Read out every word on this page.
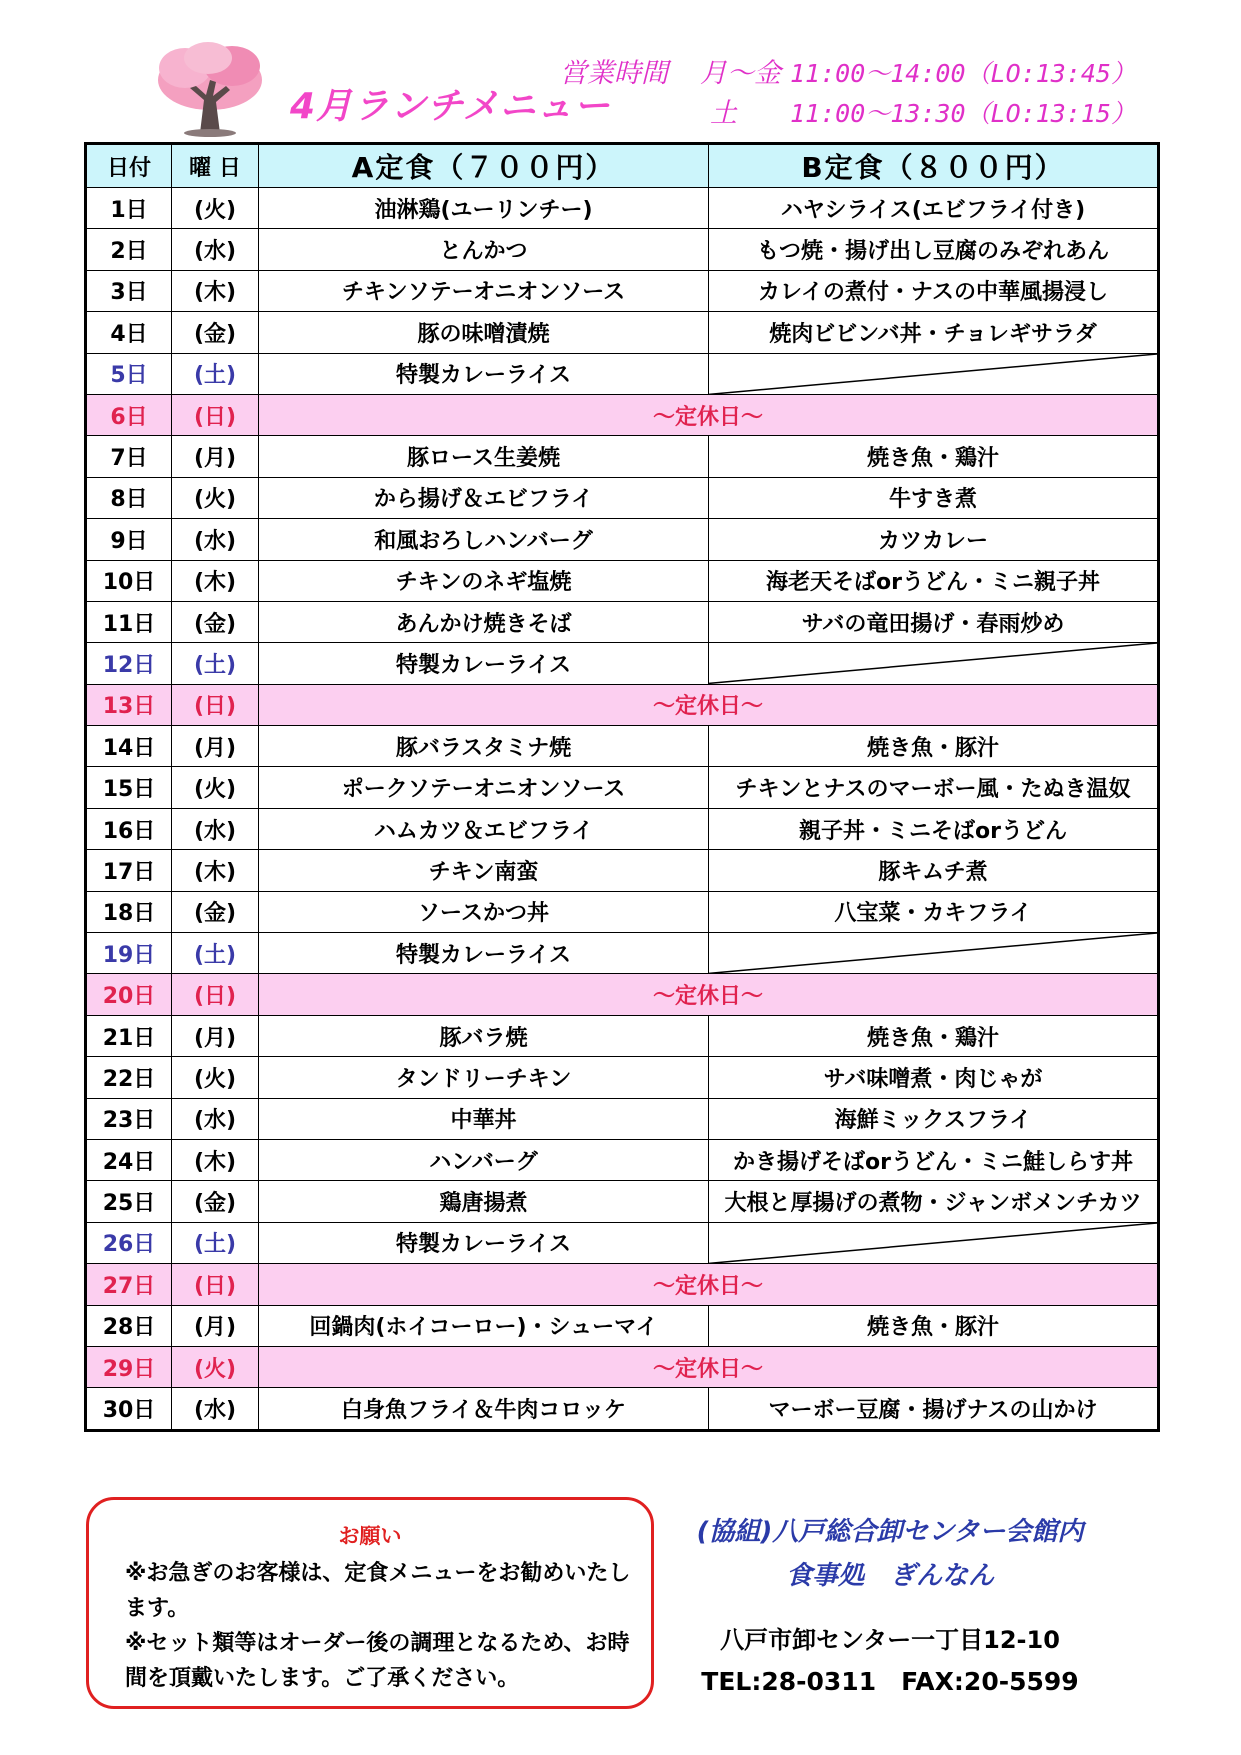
4月ランチメニュー
営業時間 月～金 11:00～14:00（LO:13:45）
土 11:00～13:30（LO:13:15）
日付	曜 日	A定食（７００円）	B定食（８００円）
1日	(火)	油淋鶏(ユーリンチー)	ハヤシライス(エビフライ付き)
2日	(水)	とんかつ	もつ焼・揚げ出し豆腐のみぞれあん
3日	(木)	チキンソテーオニオンソース	カレイの煮付・ナスの中華風揚浸し
4日	(金)	豚の味噌漬焼	焼肉ビビンバ丼・チョレギサラダ
5日	(土)	特製カレーライス	

6日	(日)	～定休日～	
7日	(月)	豚ロース生姜焼	焼き魚・鶏汁
8日	(火)	から揚げ＆エビフライ	牛すき煮
9日	(水)	和風おろしハンバーグ	カツカレー
10日	(木)	チキンのネギ塩焼	海老天そばorうどん・ミニ親子丼
11日	(金)	あんかけ焼きそば	サバの竜田揚げ・春雨炒め
12日	(土)	特製カレーライス	

13日	(日)	～定休日～	
14日	(月)	豚バラスタミナ焼	焼き魚・豚汁
15日	(火)	ポークソテーオニオンソース	チキンとナスのマーボー風・たぬき温奴
16日	(水)	ハムカツ＆エビフライ	親子丼・ミニそばorうどん
17日	(木)	チキン南蛮	豚キムチ煮
18日	(金)	ソースかつ丼	八宝菜・カキフライ
19日	(土)	特製カレーライス	

20日	(日)	～定休日～	
21日	(月)	豚バラ焼	焼き魚・鶏汁
22日	(火)	タンドリーチキン	サバ味噌煮・肉じゃが
23日	(水)	中華丼	海鮮ミックスフライ
24日	(木)	ハンバーグ	かき揚げそばorうどん・ミニ鮭しらす丼
25日	(金)	鶏唐揚煮	大根と厚揚げの煮物・ジャンボメンチカツ
26日	(土)	特製カレーライス	

27日	(日)	～定休日～	
28日	(月)	回鍋肉(ホイコーロー)・シューマイ	焼き魚・豚汁
29日	(火)	～定休日～	
30日	(水)	白身魚フライ＆牛肉コロッケ	マーボー豆腐・揚げナスの山かけ
お願い
※お急ぎのお客様は、定食メニューをお勧めいたします。
※セット類等はオーダー後の調理となるため、お時間を頂戴いたします。ご了承ください。
(協組)八戸総合卸センター会館内
食事処　ぎんなん
八戸市卸センター一丁目12-10
TEL:28-0311　FAX:20-5599
